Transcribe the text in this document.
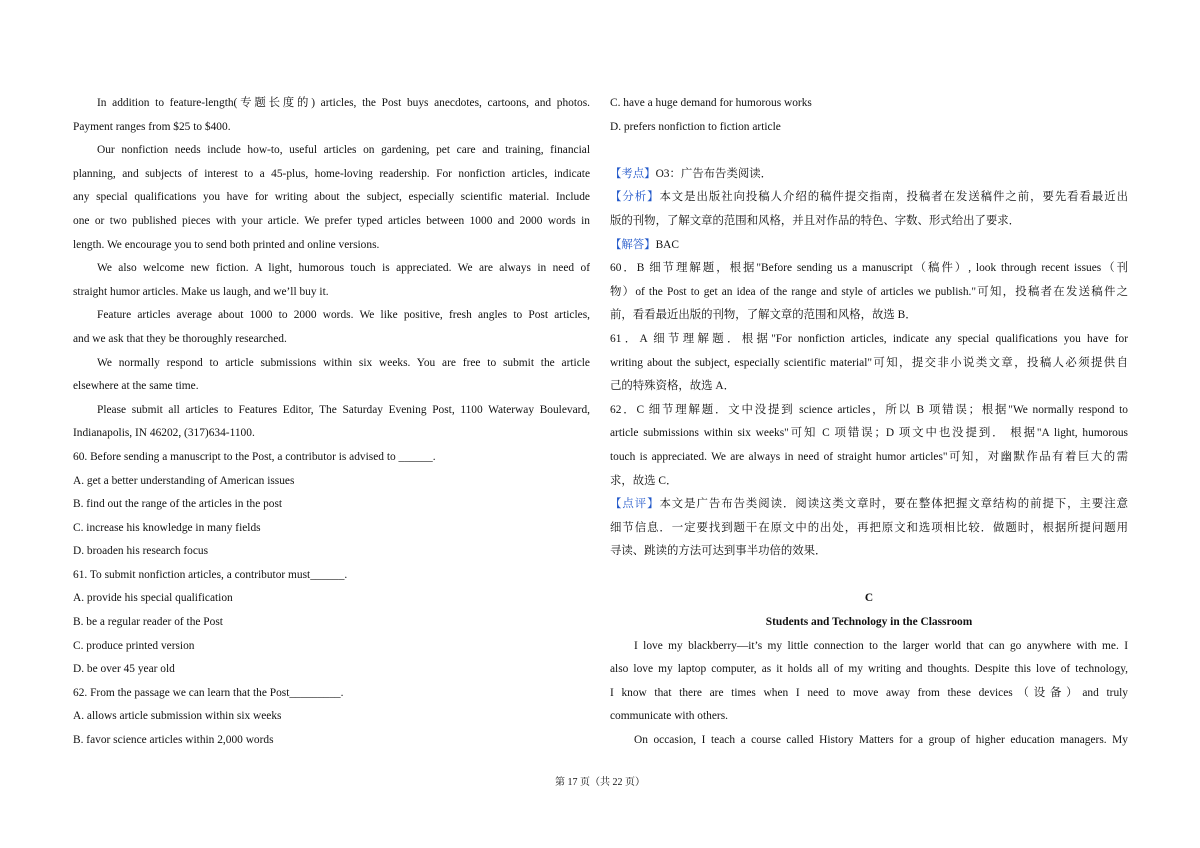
In addition to feature-length(专题长度的) articles, the Post buys anecdotes, cartoons, and photos.
Payment ranges from $25 to $400.
Our nonfiction needs include how-to, useful articles on gardening, pet care and training, financial
planning, and subjects of interest to a 45-plus, home-loving readership. For nonfiction articles, indicate
any special qualifications you have for writing about the subject, especially scientific material. Include
one or two published pieces with your article. We prefer typed articles between 1000 and 2000 words in
length. We encourage you to send both printed and online versions.
We also welcome new fiction. A light, humorous touch is appreciated. We are always in need of
straight humor articles. Make us laugh, and we’ll buy it.
Feature articles average about 1000 to 2000 words. We like positive, fresh angles to Post articles,
and we ask that they be thoroughly researched.
We normally respond to article submissions within six weeks. You are free to submit the article
elsewhere at the same time.
Please submit all articles to Features Editor, The Saturday Evening Post, 1100 Waterway Boulevard,
Indianapolis, IN 46202, (317)634-1100.
60. Before sending a manuscript to the Post, a contributor is advised to ______.
A. get a better understanding of American issues
B. find out the range of the articles in the post
C. increase his knowledge in many fields
D. broaden his research focus
61. To submit nonfiction articles, a contributor must______.
A. provide his special qualification
B. be a regular reader of the Post
C. produce printed version
D. be over 45 year old
62. From the passage we can learn that the Post_________.
A. allows article submission within six weeks
B. favor science articles within 2,000 words
C. have a huge demand for humorous works
D. prefers nonfiction to fiction article
【考点】O3：广告布告类阅读．
【分析】本文是出版社向投稿人介绍的稿件提交指南，投稿者在发送稿件之前，要先看看最近出
版的刊物，了解文章的范围和风格，并且对作品的特色、字数、形式给出了要求．
【解答】BAC
60．B 细节理解题，根据"Before sending us a manuscript（稿件）, look through recent issues（刊
物）of the Post to get an idea of the range and style of articles we publish."可知，投稿者在发送稿件之
前，看看最近出版的刊物，了解文章的范围和风格，故选 B．
61．A 细节理解题．根据"For nonfiction articles, indicate any special qualifications you have for
writing about the subject, especially scientific material"可知，提交非小说类文章，投稿人必须提供自
己的特殊资格，故选 A．
62．C 细节理解题．文中没提到 science articles，所以 B 项错误；根据"We normally respond to
article submissions within six weeks"可知 C 项错误；D 项文中也没提到． 根据"A light, humorous
touch is appreciated. We are always in need of straight humor articles"可知，对幽默作品有着巨大的需
求，故选 C．
【点评】本文是广告布告类阅读．阅读这类文章时，要在整体把握文章结构的前提下，主要注意
细节信息．一定要找到题干在原文中的出处，再把原文和选项相比较．做题时，根据所提问题用
寻读、跳读的方法可达到事半功倍的效果．
C
Students and Technology in the Classroom
I love my blackberry—it’s my little connection to the larger world that can go anywhere with me. I
also love my laptop computer, as it holds all of my writing and thoughts. Despite this love of technology,
I know that there are times when I need to move away from these devices（设备）and truly
communicate with others.
On occasion, I teach a course called History Matters for a group of higher education managers. My
第 17 页（共 22 页）
